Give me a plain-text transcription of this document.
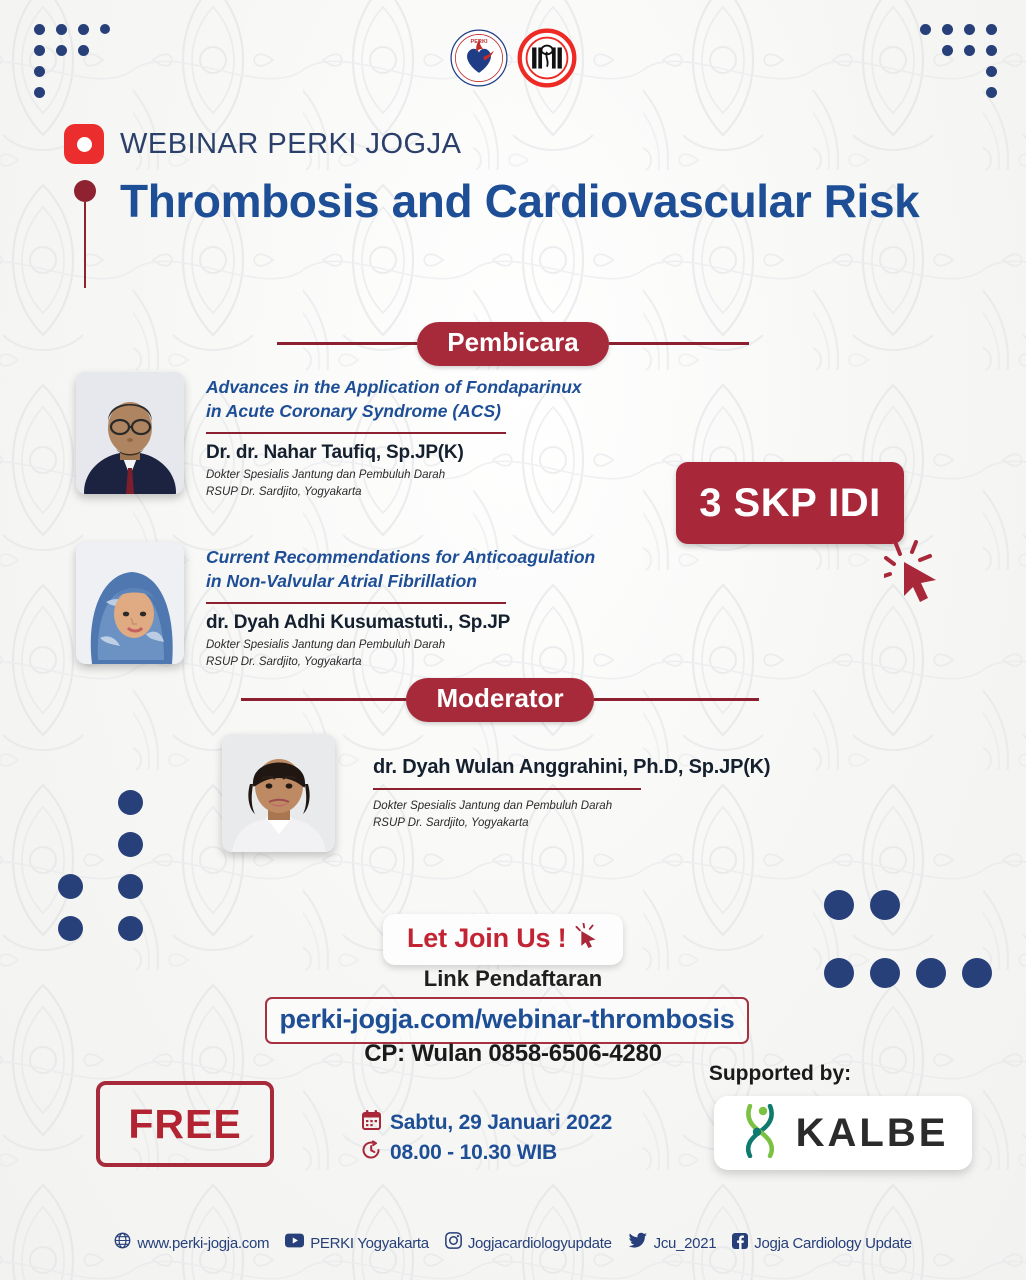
PERKI
WEBINAR PERKI JOGJA
Thrombosis and Cardiovascular Risk
Pembicara
Advances in the Application of Fondaparinux
in Acute Coronary Syndrome (ACS)
Dr. dr. Nahar Taufiq, Sp.JP(K)
Dokter Spesialis Jantung dan Pembuluh Darah
RSUP Dr. Sardjito, Yogyakarta
Current Recommendations for Anticoagulation
in Non-Valvular Atrial Fibrillation
dr. Dyah Adhi Kusumastuti., Sp.JP
Dokter Spesialis Jantung dan Pembuluh Darah
RSUP Dr. Sardjito, Yogyakarta
3 SKP IDI
Moderator
dr. Dyah Wulan Anggrahini, Ph.D, Sp.JP(K)
Dokter Spesialis Jantung dan Pembuluh Darah
RSUP Dr. Sardjito, Yogyakarta
Let Join Us !
Link Pendaftaran
perki-jogja.com/webinar-thrombosis
CP: Wulan 0858-6506-4280
FREE	Sabtu, 29 Januari 2022
08.00 - 10.30 WIB
Supported by:
KALBE
www.perki-jogja.com	PERKI Yogyakarta	Jogjacardiologyupdate	Jcu_2021	Jogja Cardiology Update
